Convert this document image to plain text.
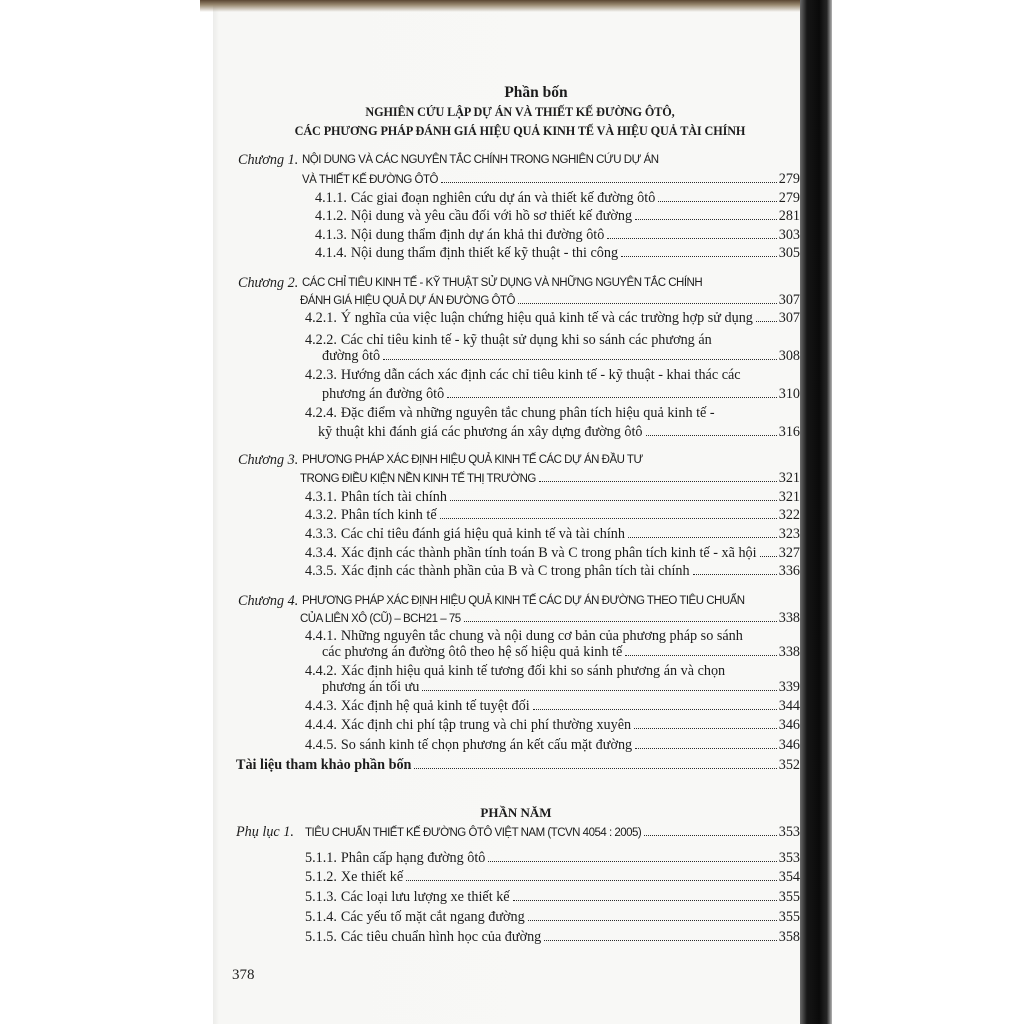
Phần bốn
NGHIÊN CỨU LẬP DỰ ÁN VÀ THIẾT KẾ ĐƯỜNG ÔTÔ,
CÁC PHƯƠNG PHÁP ĐÁNH GIÁ HIỆU QUẢ KINH TẾ VÀ HIỆU QUẢ TÀI CHÍNH
Chương 1. NỘI DUNG VÀ CÁC NGUYÊN TẮC CHÍNH TRONG NGHIÊN CỨU DỰ ÁN
VÀ THIẾT KẾ ĐƯỜNG ÔTÔ	279
4.1.1. Các giai đoạn nghiên cứu dự án và thiết kế đường ôtô	279
4.1.2. Nội dung và yêu cầu đối với hồ sơ thiết kế đường	281
4.1.3. Nội dung thẩm định dự án khả thi đường ôtô	303
4.1.4. Nội dung thẩm định thiết kế kỹ thuật - thi công	305
Chương 2. CÁC CHỈ TIÊU KINH TẾ - KỸ THUẬT SỬ DỤNG VÀ NHỮNG NGUYÊN TẮC CHÍNH
ĐÁNH GIÁ HIỆU QUẢ DỰ ÁN ĐƯỜNG ÔTÔ	307
4.2.1. Ý nghĩa của việc luận chứng hiệu quả kinh tế và các trường hợp sử dụng 307
4.2.2. Các chỉ tiêu kinh tế - kỹ thuật sử dụng khi so sánh các phương án
đường ôtô	308
4.2.3. Hướng dẫn cách xác định các chỉ tiêu kinh tế - kỹ thuật - khai thác các
phương án đường ôtô	310
4.2.4. Đặc điểm và những nguyên tắc chung phân tích hiệu quả kinh tế -
kỹ thuật khi đánh giá các phương án xây dựng đường ôtô	316
Chương 3. PHƯƠNG PHÁP XÁC ĐỊNH HIỆU QUẢ KINH TẾ CÁC DỰ ÁN ĐẦU TƯ
TRONG ĐIỀU KIỆN NỀN KINH TẾ THỊ TRƯỜNG	321
4.3.1. Phân tích tài chính	321
4.3.2. Phân tích kinh tế	322
4.3.3. Các chỉ tiêu đánh giá hiệu quả kinh tế và tài chính	323
4.3.4. Xác định các thành phần tính toán B và C trong phân tích kinh tế - xã hội 327
4.3.5. Xác định các thành phần của B và C trong phân tích tài chính	336
Chương 4. PHƯƠNG PHÁP XÁC ĐỊNH HIỆU QUẢ KINH TẾ CÁC DỰ ÁN ĐƯỜNG THEO TIÊU CHUẨN
CỦA LIÊN XÔ (CŨ) – BCH21 – 75	338
4.4.1. Những nguyên tắc chung và nội dung cơ bản của phương pháp so sánh
các phương án đường ôtô theo hệ số hiệu quả kinh tế	338
4.4.2. Xác định hiệu quả kinh tế tương đối khi so sánh phương án và chọn
phương án tối ưu	339
4.4.3. Xác định hệ quả kinh tế tuyệt đối	344
4.4.4. Xác định chi phí tập trung và chi phí thường xuyên	346
4.4.5. So sánh kinh tế chọn phương án kết cấu mặt đường	346
Tài liệu tham khảo phần bốn	352
PHẦN NĂM
Phụ lục 1. TIÊU CHUẨN THIẾT KẾ ĐƯỜNG ÔTÔ VIỆT NAM (TCVN 4054 : 2005)	353
5.1.1. Phân cấp hạng đường ôtô	353
5.1.2. Xe thiết kế	354
5.1.3. Các loại lưu lượng xe thiết kế	355
5.1.4. Các yếu tố mặt cắt ngang đường	355
5.1.5. Các tiêu chuẩn hình học của đường	358
378
